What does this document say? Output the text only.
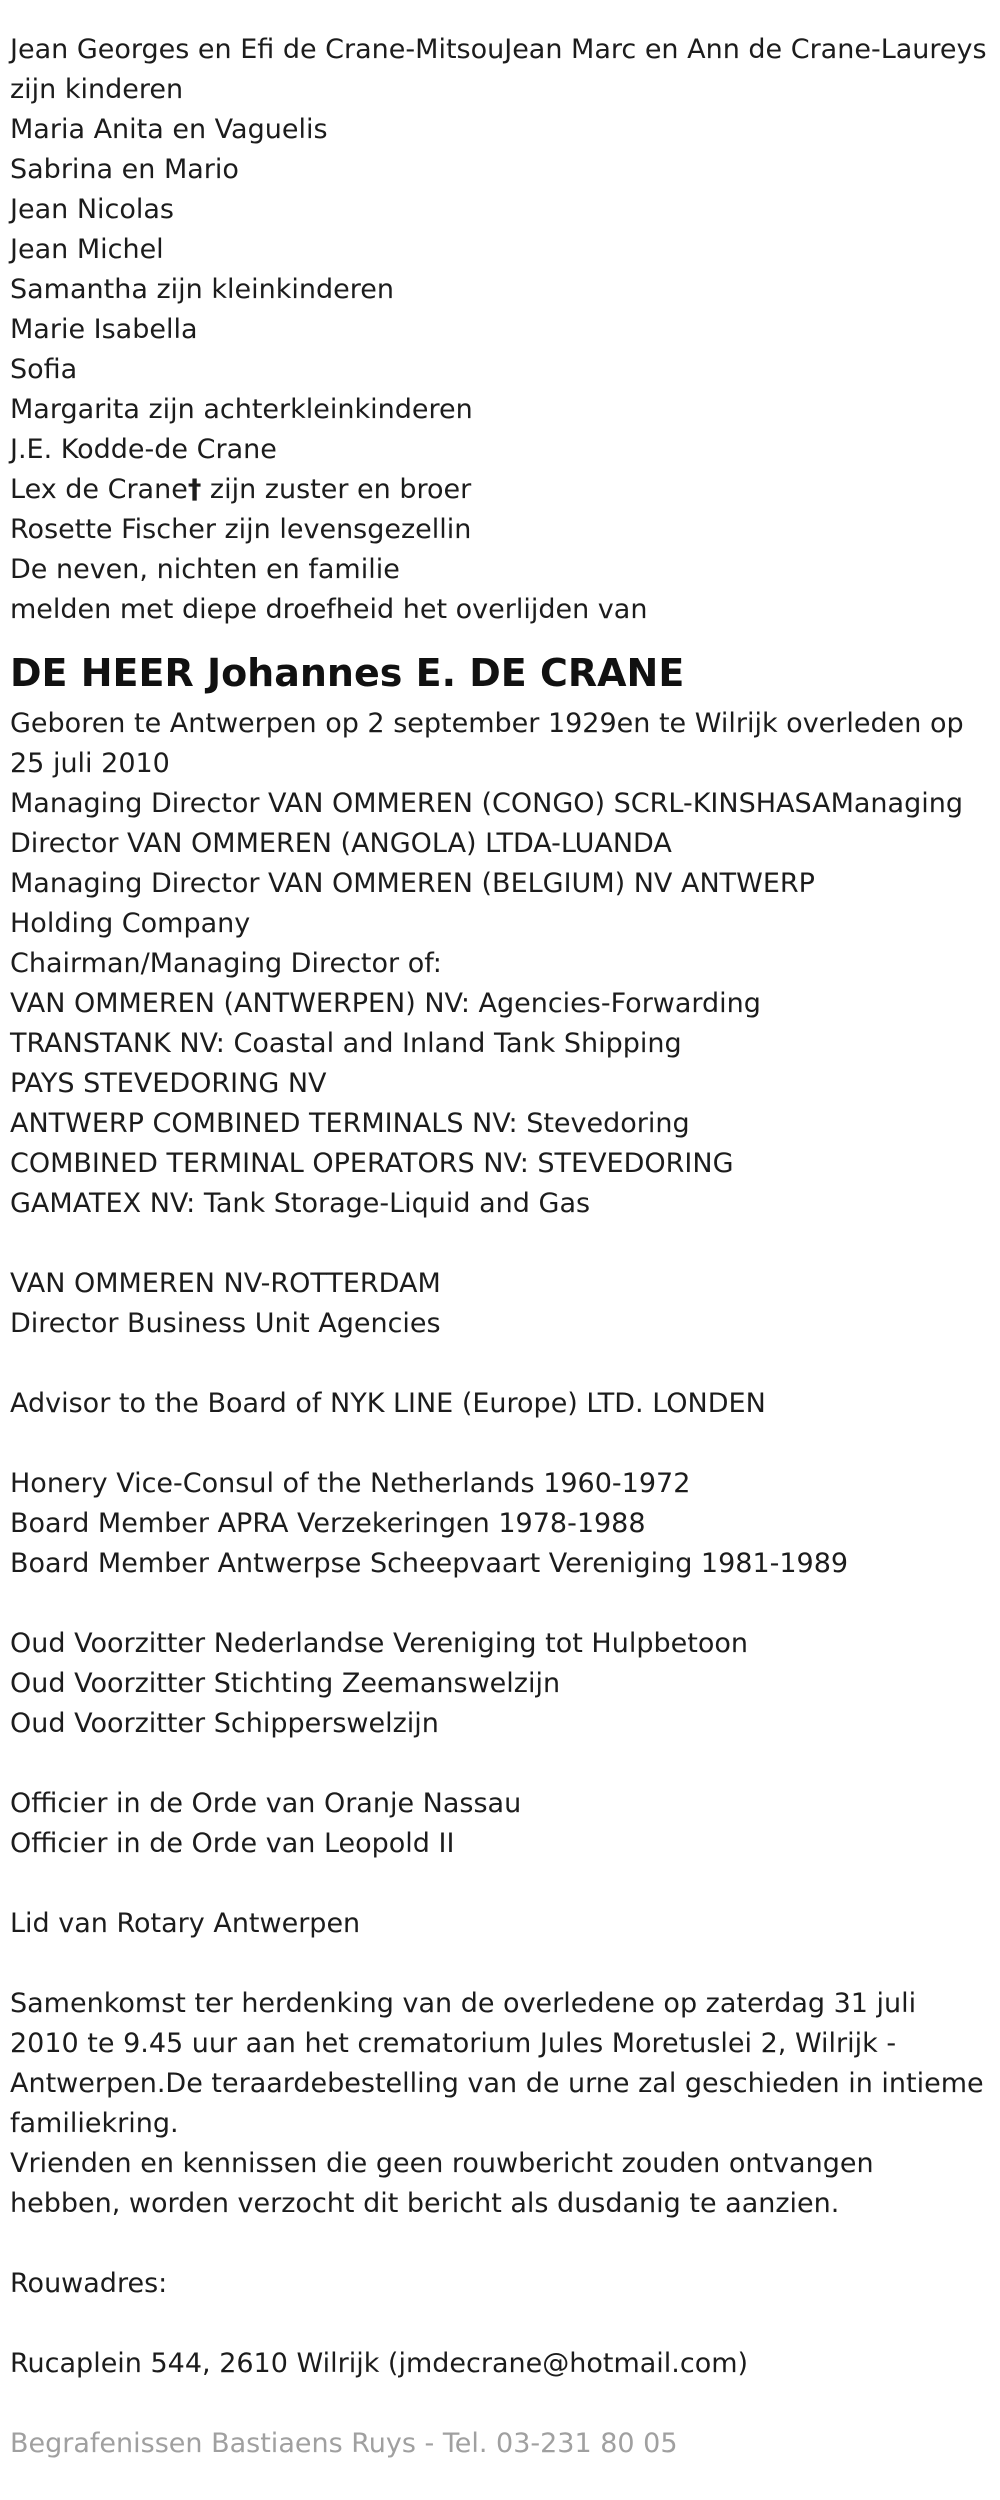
Jean Georges en Efi de Crane-MitsouJean Marc en Ann de Crane-Laureys

zijn kinderen

Maria Anita en Vaguelis

Sabrina en Mario

Jean Nicolas

Jean Michel

Samantha zijn kleinkinderen

Marie Isabella

Sofia

Margarita zijn achterkleinkinderen

J.E. Kodde-de Crane

Lex de Crane† zijn zuster en broer

Rosette Fischer zijn levensgezellin

De neven, nichten en familie

melden met diepe droefheid het overlijden van

DE HEER Johannes E. DE CRANE

Geboren te Antwerpen op 2 september 1929en te Wilrijk overleden op 25 juli 2010

Managing Director VAN OMMEREN (CONGO) SCRL-KINSHASAManaging Director VAN OMMEREN (ANGOLA) LTDA-LUANDA

Managing Director VAN OMMEREN (BELGIUM) NV ANTWERP

Holding Company

Chairman/Managing Director of:

VAN OMMEREN (ANTWERPEN) NV: Agencies-Forwarding

TRANSTANK NV: Coastal and Inland Tank Shipping

PAYS STEVEDORING NV

ANTWERP COMBINED TERMINALS NV: Stevedoring

COMBINED TERMINAL OPERATORS NV: STEVEDORING

GAMATEX NV: Tank Storage-Liquid and Gas

VAN OMMEREN NV-ROTTERDAM

Director Business Unit Agencies

Advisor to the Board of NYK LINE (Europe) LTD. LONDEN

Honery Vice-Consul of the Netherlands 1960-1972

Board Member APRA Verzekeringen 1978-1988

Board Member Antwerpse Scheepvaart Vereniging 1981-1989

Oud Voorzitter Nederlandse Vereniging tot Hulpbetoon

Oud Voorzitter Stichting Zeemanswelzijn

Oud Voorzitter Schipperswelzijn

Officier in de Orde van Oranje Nassau

Officier in de Orde van Leopold II

Lid van Rotary Antwerpen

Samenkomst ter herdenking van de overledene op zaterdag 31 juli 2010 te 9.45 uur aan het crematorium Jules Moretuslei 2, Wilrijk -Antwerpen.De teraardebestelling van de urne zal geschieden in intieme familiekring.

Vrienden en kennissen die geen rouwbericht zouden ontvangen hebben, worden verzocht dit bericht als dusdanig te aanzien.

Rouwadres:

Rucaplein 544, 2610 Wilrijk (jmdecrane@hotmail.com)

Begrafenissen Bastiaens Ruys - Tel. 03-231 80 05
